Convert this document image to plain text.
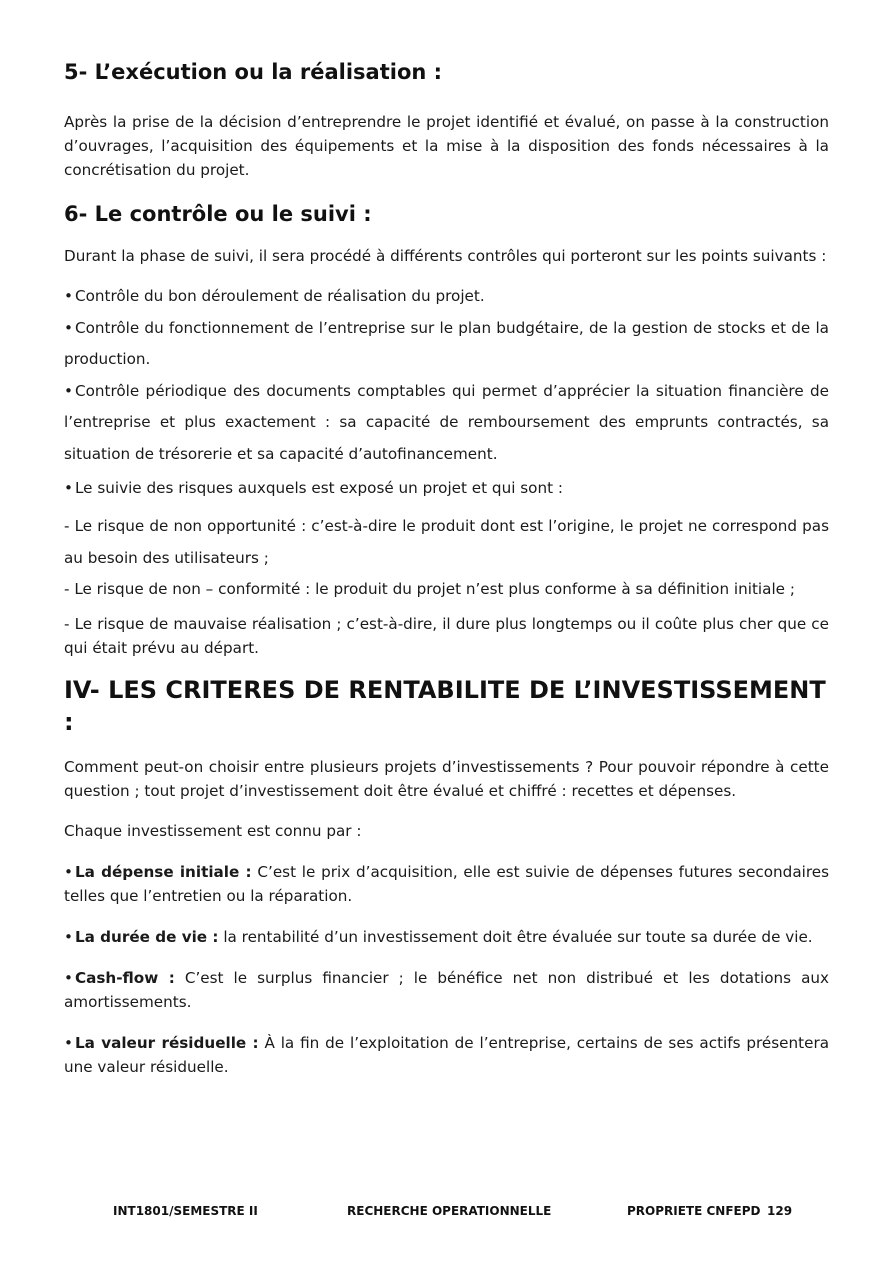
5- L’exécution ou la réalisation :

Après la prise de la décision d’entreprendre le projet identifié et évalué, on passe à la construction d’ouvrages, l’acquisition des équipements et la mise à la disposition des fonds nécessaires à la concrétisation du projet.

6- Le contrôle ou le suivi :

Durant la phase de suivi, il sera procédé à différents contrôles qui porteront sur les points suivants :

• Contrôle du bon déroulement de réalisation du projet.

• Contrôle du fonctionnement de l’entreprise sur le plan budgétaire, de la gestion de stocks et de la production.

• Contrôle périodique des documents comptables qui permet d’apprécier la situation financière de l’entreprise et plus exactement : sa capacité de remboursement des emprunts contractés, sa situation de trésorerie et sa capacité d’autofinancement.

• Le suivie des risques auxquels est exposé un projet et qui sont :

- Le risque de non opportunité : c’est-à-dire le produit dont est l’origine, le projet ne correspond pas au besoin des utilisateurs ;

- Le risque de non – conformité : le produit du projet n’est plus conforme à sa définition initiale ;

- Le risque de mauvaise réalisation ; c’est-à-dire, il dure plus longtemps ou il coûte plus cher que ce qui était prévu au départ.

IV- LES CRITERES DE RENTABILITE DE L’INVESTISSEMENT :

Comment peut-on choisir entre plusieurs projets d’investissements ? Pour pouvoir répondre à cette question ; tout projet d’investissement doit être évalué et chiffré : recettes et dépenses.

Chaque investissement est connu par :

• La dépense initiale : C’est le prix d’acquisition, elle est suivie de dépenses futures secondaires telles que l’entretien ou la réparation.

• La durée de vie : la rentabilité d’un investissement doit être évaluée sur toute sa durée de vie.

• Cash-flow : C’est le surplus financier ; le bénéfice net non distribué et les dotations aux amortissements.

• La valeur résiduelle : À la fin de l’exploitation de l’entreprise, certains de ses actifs présentera une valeur résiduelle.

INT1801/SEMESTRE II	RECHERCHE OPERATIONNELLE	PROPRIETE CNFEPD 129
